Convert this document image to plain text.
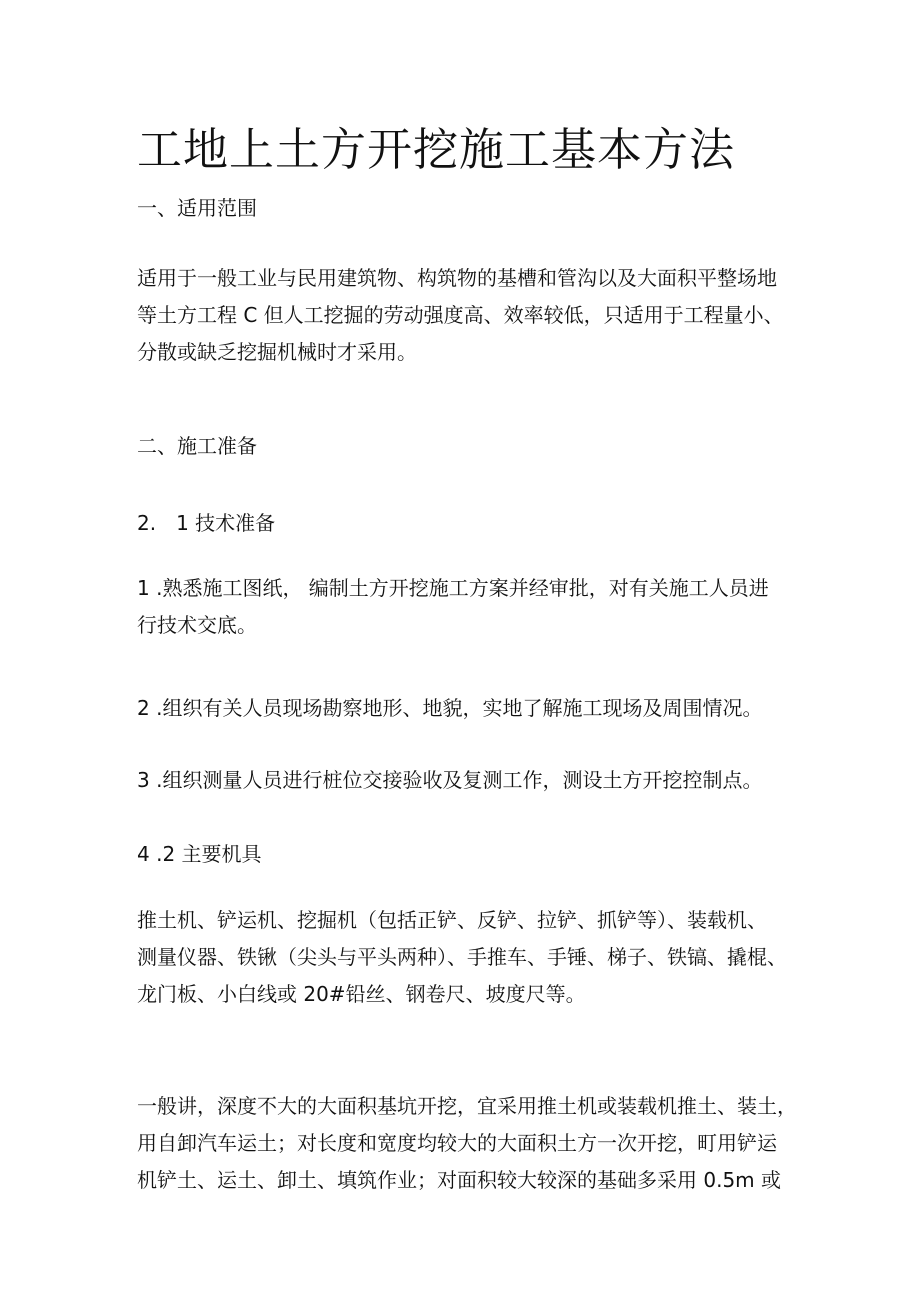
工地上土方开挖施工基本方法
一、适用范围

适用于一般工业与民用建筑物、构筑物的基槽和管沟以及大面积平整场地
等土方工程 C 但人工挖掘的劳动强度高、效率较低，只适用于工程量小、
分散或缺乏挖掘机械时才采用。

二、施工准备
2.　1 技术准备

1 .熟悉施工图纸， 编制土方开挖施工方案并经审批，对有关施工人员进
行技术交底。

2 .组织有关人员现场勘察地形、地貌，实地了解施工现场及周围情况。

3 .组织测量人员进行桩位交接验收及复测工作，测设土方开挖控制点。

4 .2 主要机具

推土机、铲运机、挖掘机（包括正铲、反铲、拉铲、抓铲等）、装载机、
测量仪器、铁锹（尖头与平头两种）、手推车、手锤、梯子、铁镐、撬棍、
龙门板、小白线或 20#铅丝、钢卷尺、坡度尺等。

一般讲，深度不大的大面积基坑开挖，宜采用推土机或装载机推土、装土，
用自卸汽车运土；对长度和宽度均较大的大面积土方一次开挖，町用铲运
机铲土、运土、卸土、填筑作业；对面积较大较深的基础多采用 0.5m 或
